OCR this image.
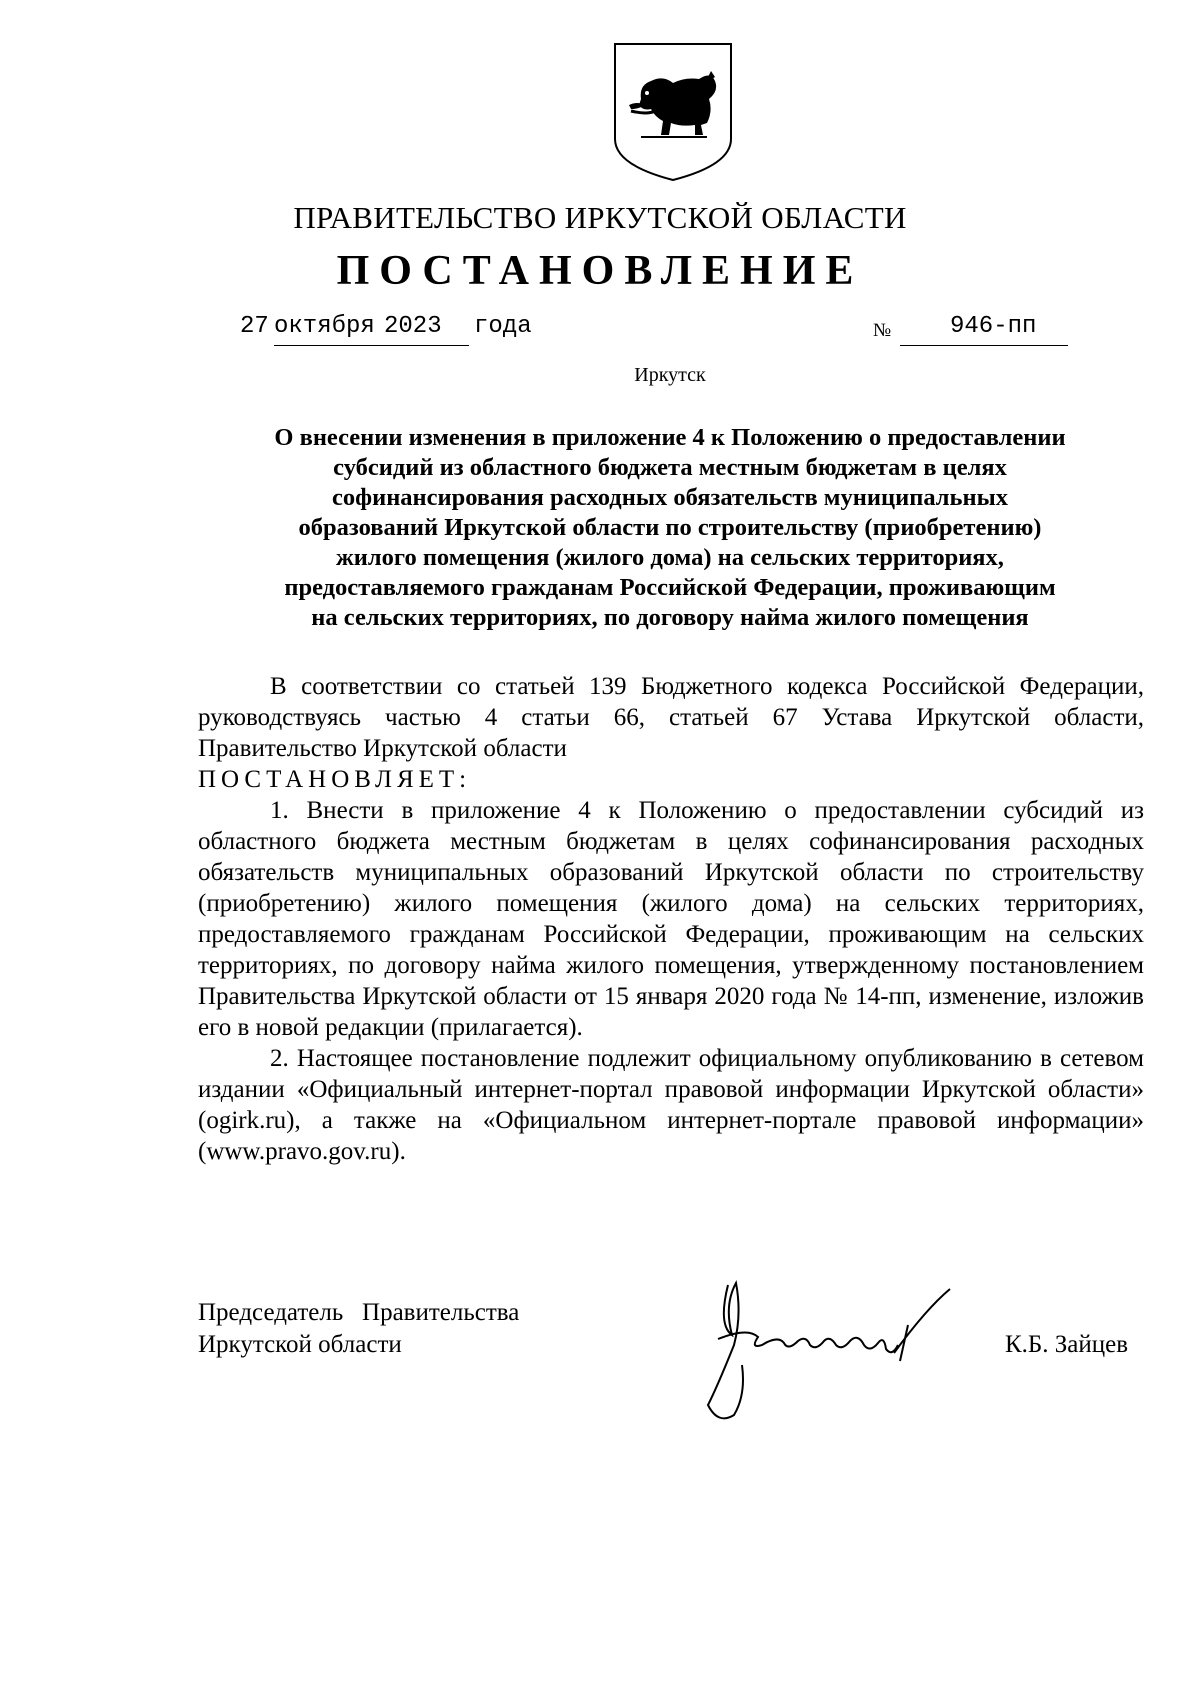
ПРАВИТЕЛЬСТВО ИРКУТСКОЙ ОБЛАСТИ
ПОСТАНОВЛЕНИЕ
27 октября 2023 года	№ 946-пп
Иркутск
О внесении изменения в приложение 4 к Положению о предоставлении
субсидий из областного бюджета местным бюджетам в целях
софинансирования расходных обязательств муниципальных
образований Иркутской области по строительству (приобретению)
жилого помещения (жилого дома) на сельских территориях,
предоставляемого гражданам Российской Федерации, проживающим
на сельских территориях, по договору найма жилого помещения

В соответствии со статьей 139 Бюджетного кодекса Российской Федерации, руководствуясь частью 4 статьи 66, статьей 67 Устава Иркутской области, Правительство Иркутской области

ПОСТАНОВЛЯЕТ:

1. Внести в приложение 4 к Положению о предоставлении субсидий из областного бюджета местным бюджетам в целях софинансирования расходных обязательств муниципальных образований Иркутской области по строительству (приобретению) жилого помещения (жилого дома) на сельских территориях, предоставляемого гражданам Российской Федерации, проживающим на сельских территориях, по договору найма жилого помещения, утвержденному постановлением Правительства Иркутской области от 15 января 2020 года № 14-пп, изменение, изложив его в новой редакции (прилагается).

2. Настоящее постановление подлежит официальному опубликованию в сетевом издании «Официальный интернет-портал правовой информации Иркутской области» (ogirk.ru), а также на «Официальном интернет-портале правовой информации» (www.pravo.gov.ru).

Председатель   Правительства
Иркутской области	К.Б. Зайцев
